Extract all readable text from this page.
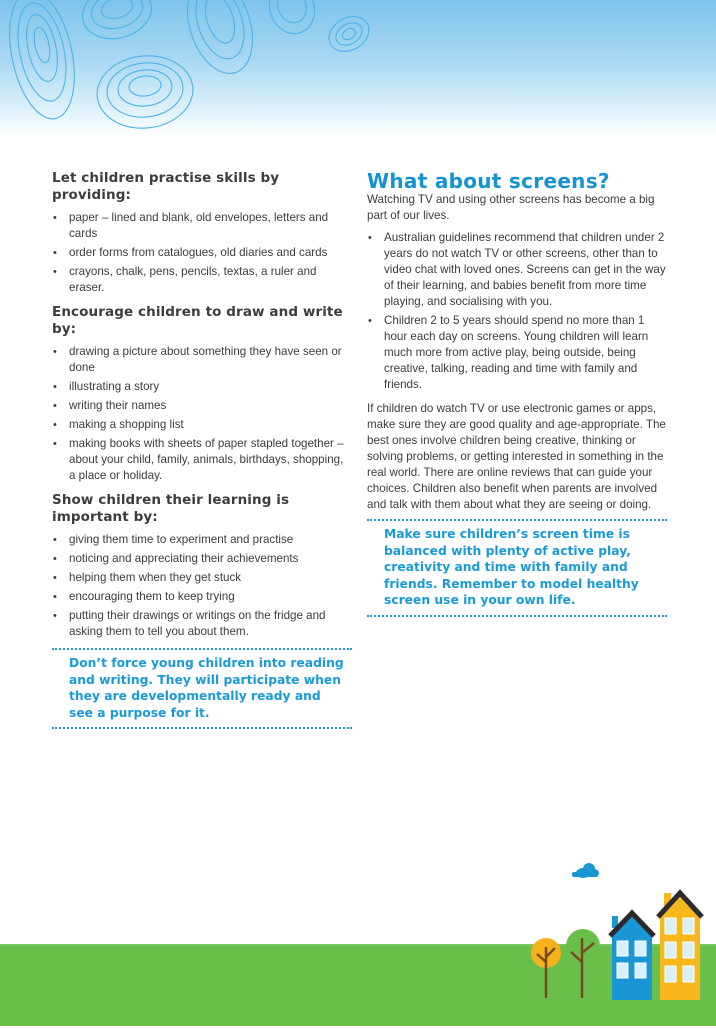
Let children practise skills by providing:
• paper – lined and blank, old envelopes, letters and cards
• order forms from catalogues, old diaries and cards
• crayons, chalk, pens, pencils, textas, a ruler and eraser.
Encourage children to draw and write by:
• drawing a picture about something they have seen or done
• illustrating a story
• writing their names
• making a shopping list
• making books with sheets of paper stapled together – about your child, family, animals, birthdays, shopping, a place or holiday.
Show children their learning is important by:
• giving them time to experiment and practise
• noticing and appreciating their achievements
• helping them when they get stuck
• encouraging them to keep trying
• putting their drawings or writings on the fridge and asking them to tell you about them.

Don’t force young children into reading and writing. They will participate when they are developmentally ready and see a purpose for it.

What about screens?

Watching TV and using other screens has become a big part of our lives.

• Australian guidelines recommend that children under 2 years do not watch TV or other screens, other than to video chat with loved ones. Screens can get in the way of their learning, and babies benefit from more time playing, and socialising with you.
• Children 2 to 5 years should spend no more than 1 hour each day on screens. Young children will learn much more from active play, being outside, being creative, talking, reading and time with family and friends.

If children do watch TV or use electronic games or apps, make sure they are good quality and age-appropriate. The best ones involve children being creative, thinking or solving problems, or getting interested in something in the real world. There are online reviews that can guide your choices. Children also benefit when parents are involved and talk with them about what they are seeing or doing.

Make sure children’s screen time is balanced with plenty of active play, creativity and time with family and friends. Remember to model healthy screen use in your own life.
